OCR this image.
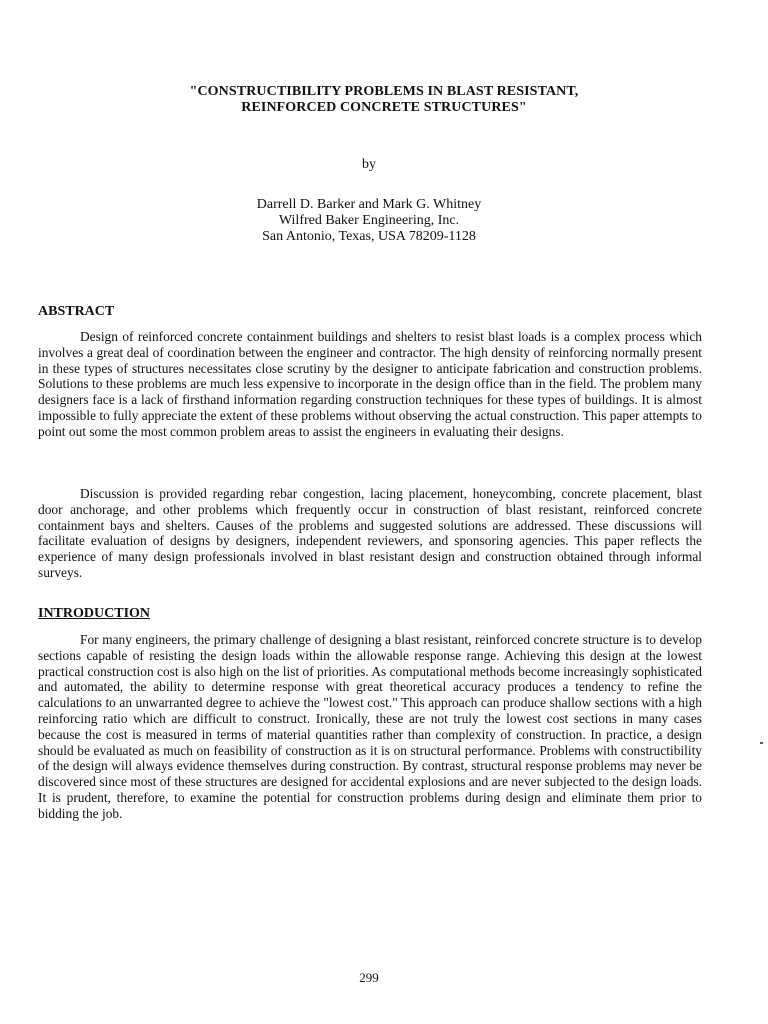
"CONSTRUCTIBILITY PROBLEMS IN BLAST RESISTANT,
REINFORCED CONCRETE STRUCTURES"
by
Darrell D. Barker and Mark G. Whitney
Wilfred Baker Engineering, Inc.
San Antonio, Texas, USA 78209-1128
ABSTRACT

Design of reinforced concrete containment buildings and shelters to resist blast loads is a complex process which involves a great deal of coordination between the engineer and contractor. The high density of reinforcing normally present in these types of structures necessitates close scrutiny by the designer to anticipate fabrication and construction problems. Solutions to these problems are much less expensive to incorporate in the design office than in the field. The problem many designers face is a lack of firsthand information regarding construction techniques for these types of buildings. It is almost impossible to fully appreciate the extent of these problems without observing the actual construction. This paper attempts to point out some the most common problem areas to assist the engineers in evaluating their designs.

Discussion is provided regarding rebar congestion, lacing placement, honeycombing, concrete placement, blast door anchorage, and other problems which frequently occur in construction of blast resistant, reinforced concrete containment bays and shelters. Causes of the problems and suggested solutions are addressed. These discussions will facilitate evaluation of designs by designers, independent reviewers, and sponsoring agencies. This paper reflects the experience of many design professionals involved in blast resistant design and construction obtained through informal surveys.

INTRODUCTION

For many engineers, the primary challenge of designing a blast resistant, reinforced concrete structure is to develop sections capable of resisting the design loads within the allowable response range. Achieving this design at the lowest practical construction cost is also high on the list of priorities. As computational methods become increasingly sophisticated and automated, the ability to determine response with great theoretical accuracy produces a tendency to refine the calculations to an unwarranted degree to achieve the "lowest cost." This approach can produce shallow sections with a high reinforcing ratio which are difficult to construct. Ironically, these are not truly the lowest cost sections in many cases because the cost is measured in terms of material quantities rather than complexity of construction. In practice, a design should be evaluated as much on feasibility of construction as it is on structural performance. Problems with constructibility of the design will always evidence themselves during construction. By contrast, structural response problems may never be discovered since most of these structures are designed for accidental explosions and are never subjected to the design loads. It is prudent, therefore, to examine the potential for construction problems during design and eliminate them prior to bidding the job.

299
